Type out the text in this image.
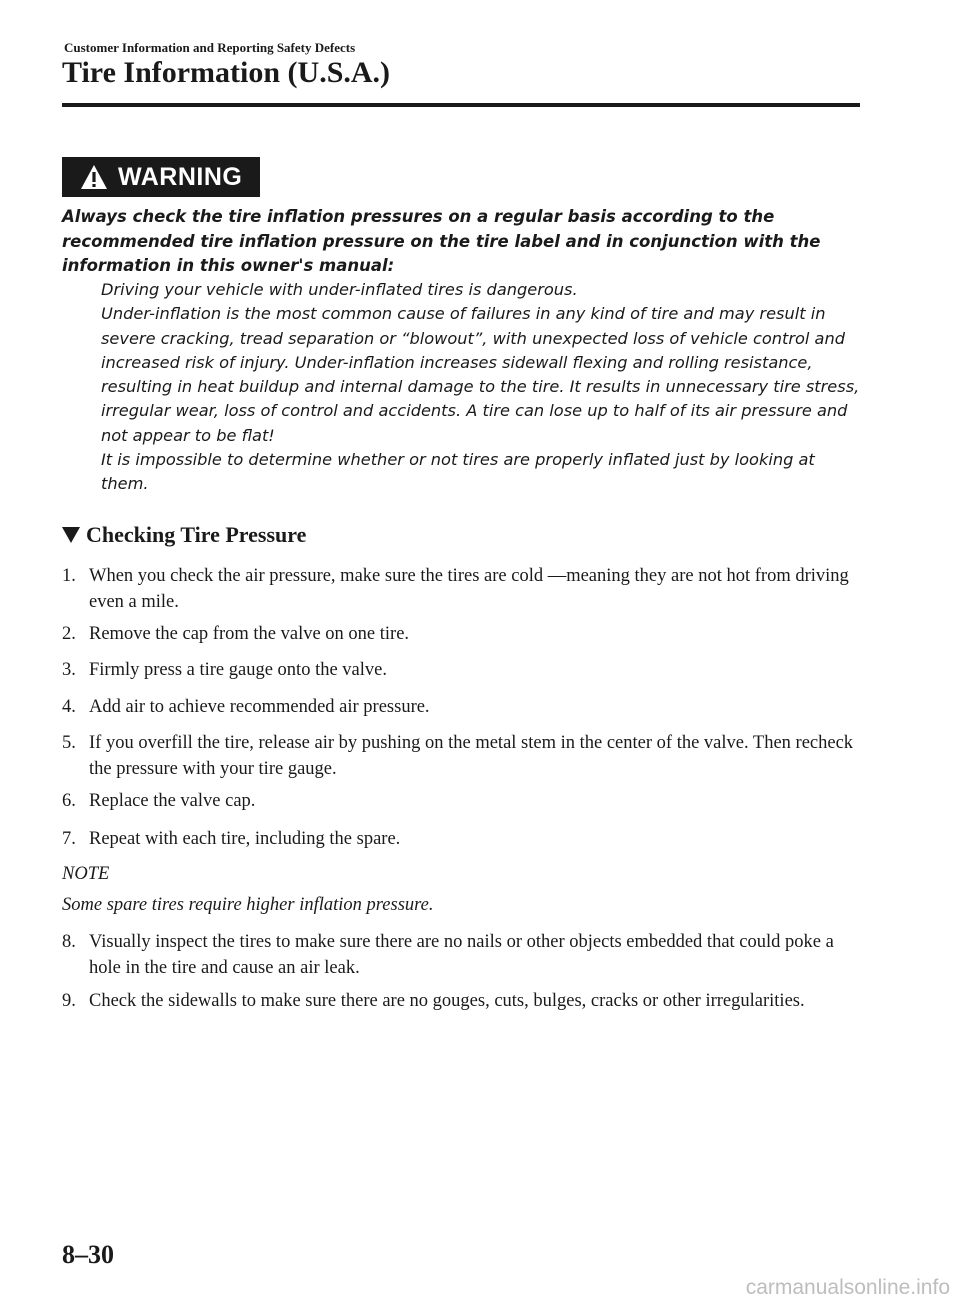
Customer Information and Reporting Safety Defects
Tire Information (U.S.A.)
WARNING

Always check the tire inflation pressures on a regular basis according to the recommended tire inflation pressure on the tire label and in conjunction with the information in this owner's manual:

Driving your vehicle with under-inflated tires is dangerous.

Under-inflation is the most common cause of failures in any kind of tire and may result in severe cracking, tread separation or “blowout”, with unexpected loss of vehicle control and increased risk of injury. Under-inflation increases sidewall flexing and rolling resistance, resulting in heat buildup and internal damage to the tire. It results in unnecessary tire stress, irregular wear, loss of control and accidents. A tire can lose up to half of its air pressure and not appear to be flat!

It is impossible to determine whether or not tires are properly inflated just by looking at them.

Checking Tire Pressure
1. When you check the air pressure, make sure the tires are cold —meaning they are not hot from driving even a mile.
2. Remove the cap from the valve on one tire.
3. Firmly press a tire gauge onto the valve.
4. Add air to achieve recommended air pressure.
5. If you overfill the tire, release air by pushing on the metal stem in the center of the valve. Then recheck the pressure with your tire gauge.
6. Replace the valve cap.
7. Repeat with each tire, including the spare.
NOTE
Some spare tires require higher inflation pressure.
8. Visually inspect the tires to make sure there are no nails or other objects embedded that could poke a hole in the tire and cause an air leak.
9. Check the sidewalls to make sure there are no gouges, cuts, bulges, cracks or other irregularities.
8–30
carmanualsonline.info
